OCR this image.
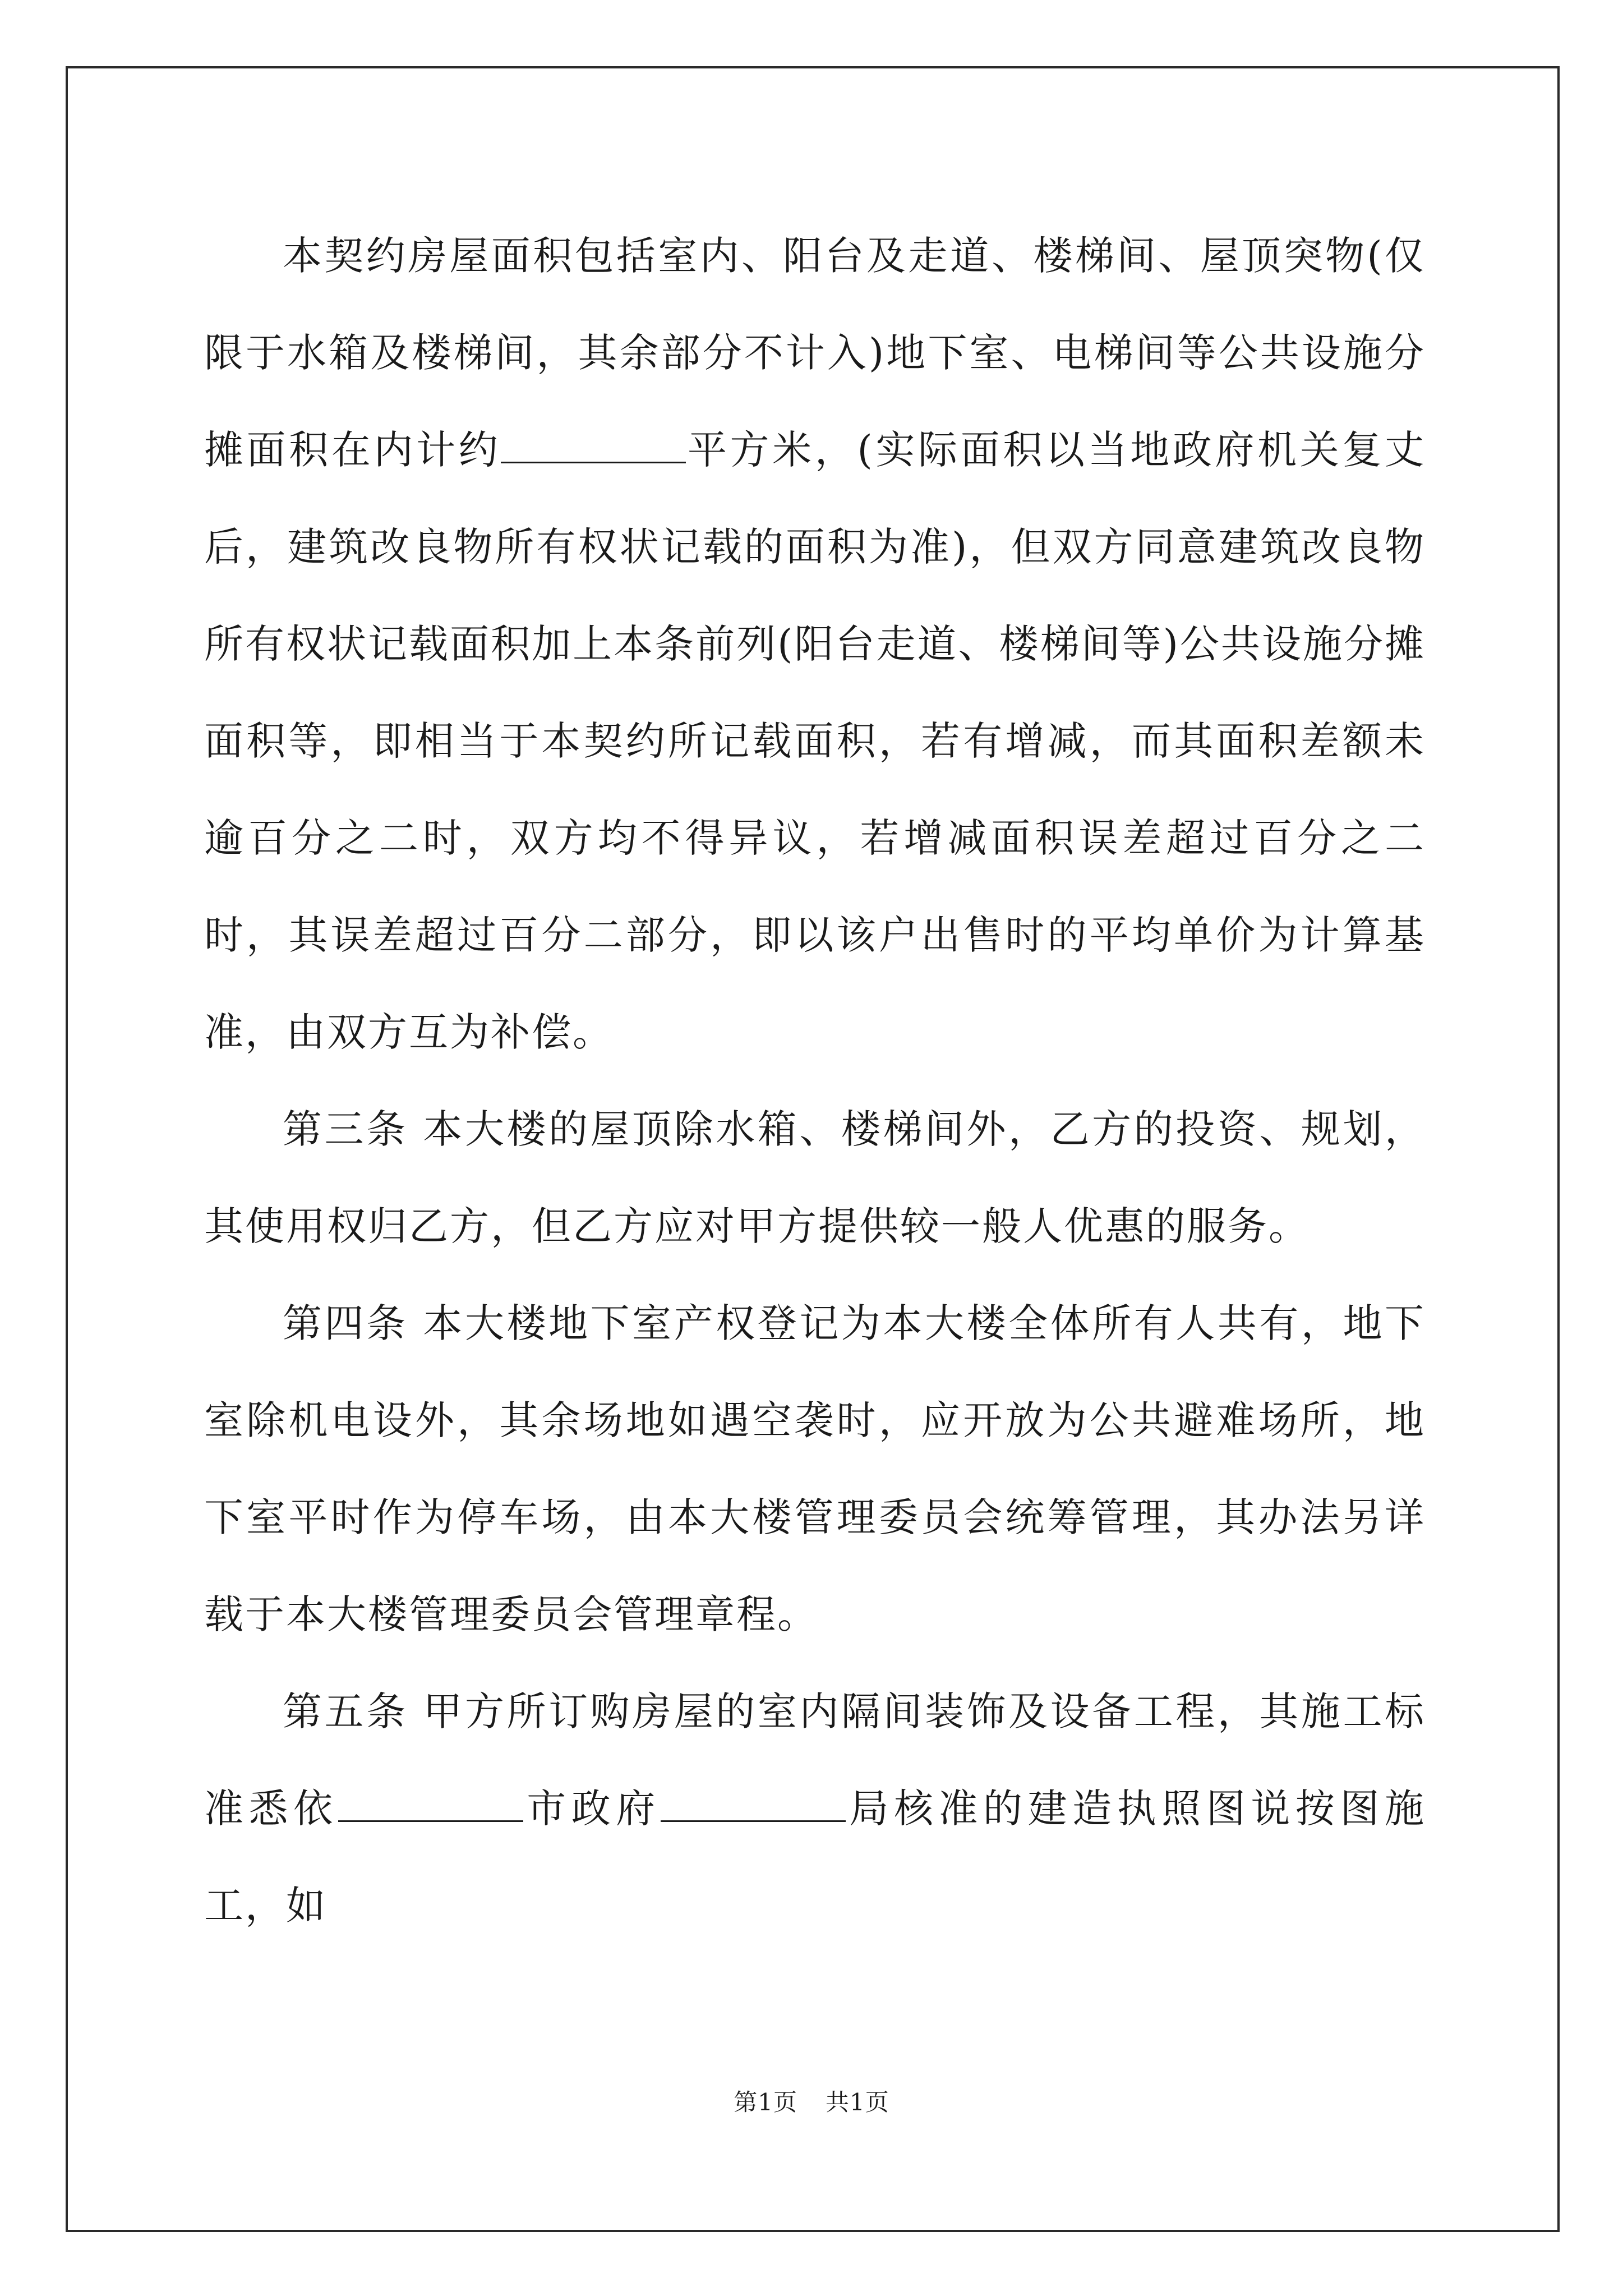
本契约房屋面积包括室内、阳台及走道、楼梯间、屋顶突物(仅限于水箱及楼梯间，其余部分不计入)地下室、电梯间等公共设施分摊面积在内计约	平方米，(实际面积以当地政府机关复丈后，建筑改良物所有权状记载的面积为准)，但双方同意建筑改良物所有权状记载面积加上本条前列(阳台走道、楼梯间等)公共设施分摊面积等，即相当于本契约所记载面积，若有增减，而其面积差额未逾百分之二时，双方均不得异议，若增减面积误差超过百分之二时，其误差超过百分二部分，即以该户出售时的平均单价为计算基准，由双方互为补偿。

第三条 本大楼的屋顶除水箱、楼梯间外，乙方的投资、规划，其使用权归乙方，但乙方应对甲方提供较一般人优惠的服务。

第四条 本大楼地下室产权登记为本大楼全体所有人共有，地下室除机电设外，其余场地如遇空袭时，应开放为公共避难场所，地下室平时作为停车场，由本大楼管理委员会统筹管理，其办法另详载于本大楼管理委员会管理章程。

第五条 甲方所订购房屋的室内隔间装饰及设备工程，其施工标准悉依	市政府	局核准的建造执照图说按图施工，如

第1页 共1页
